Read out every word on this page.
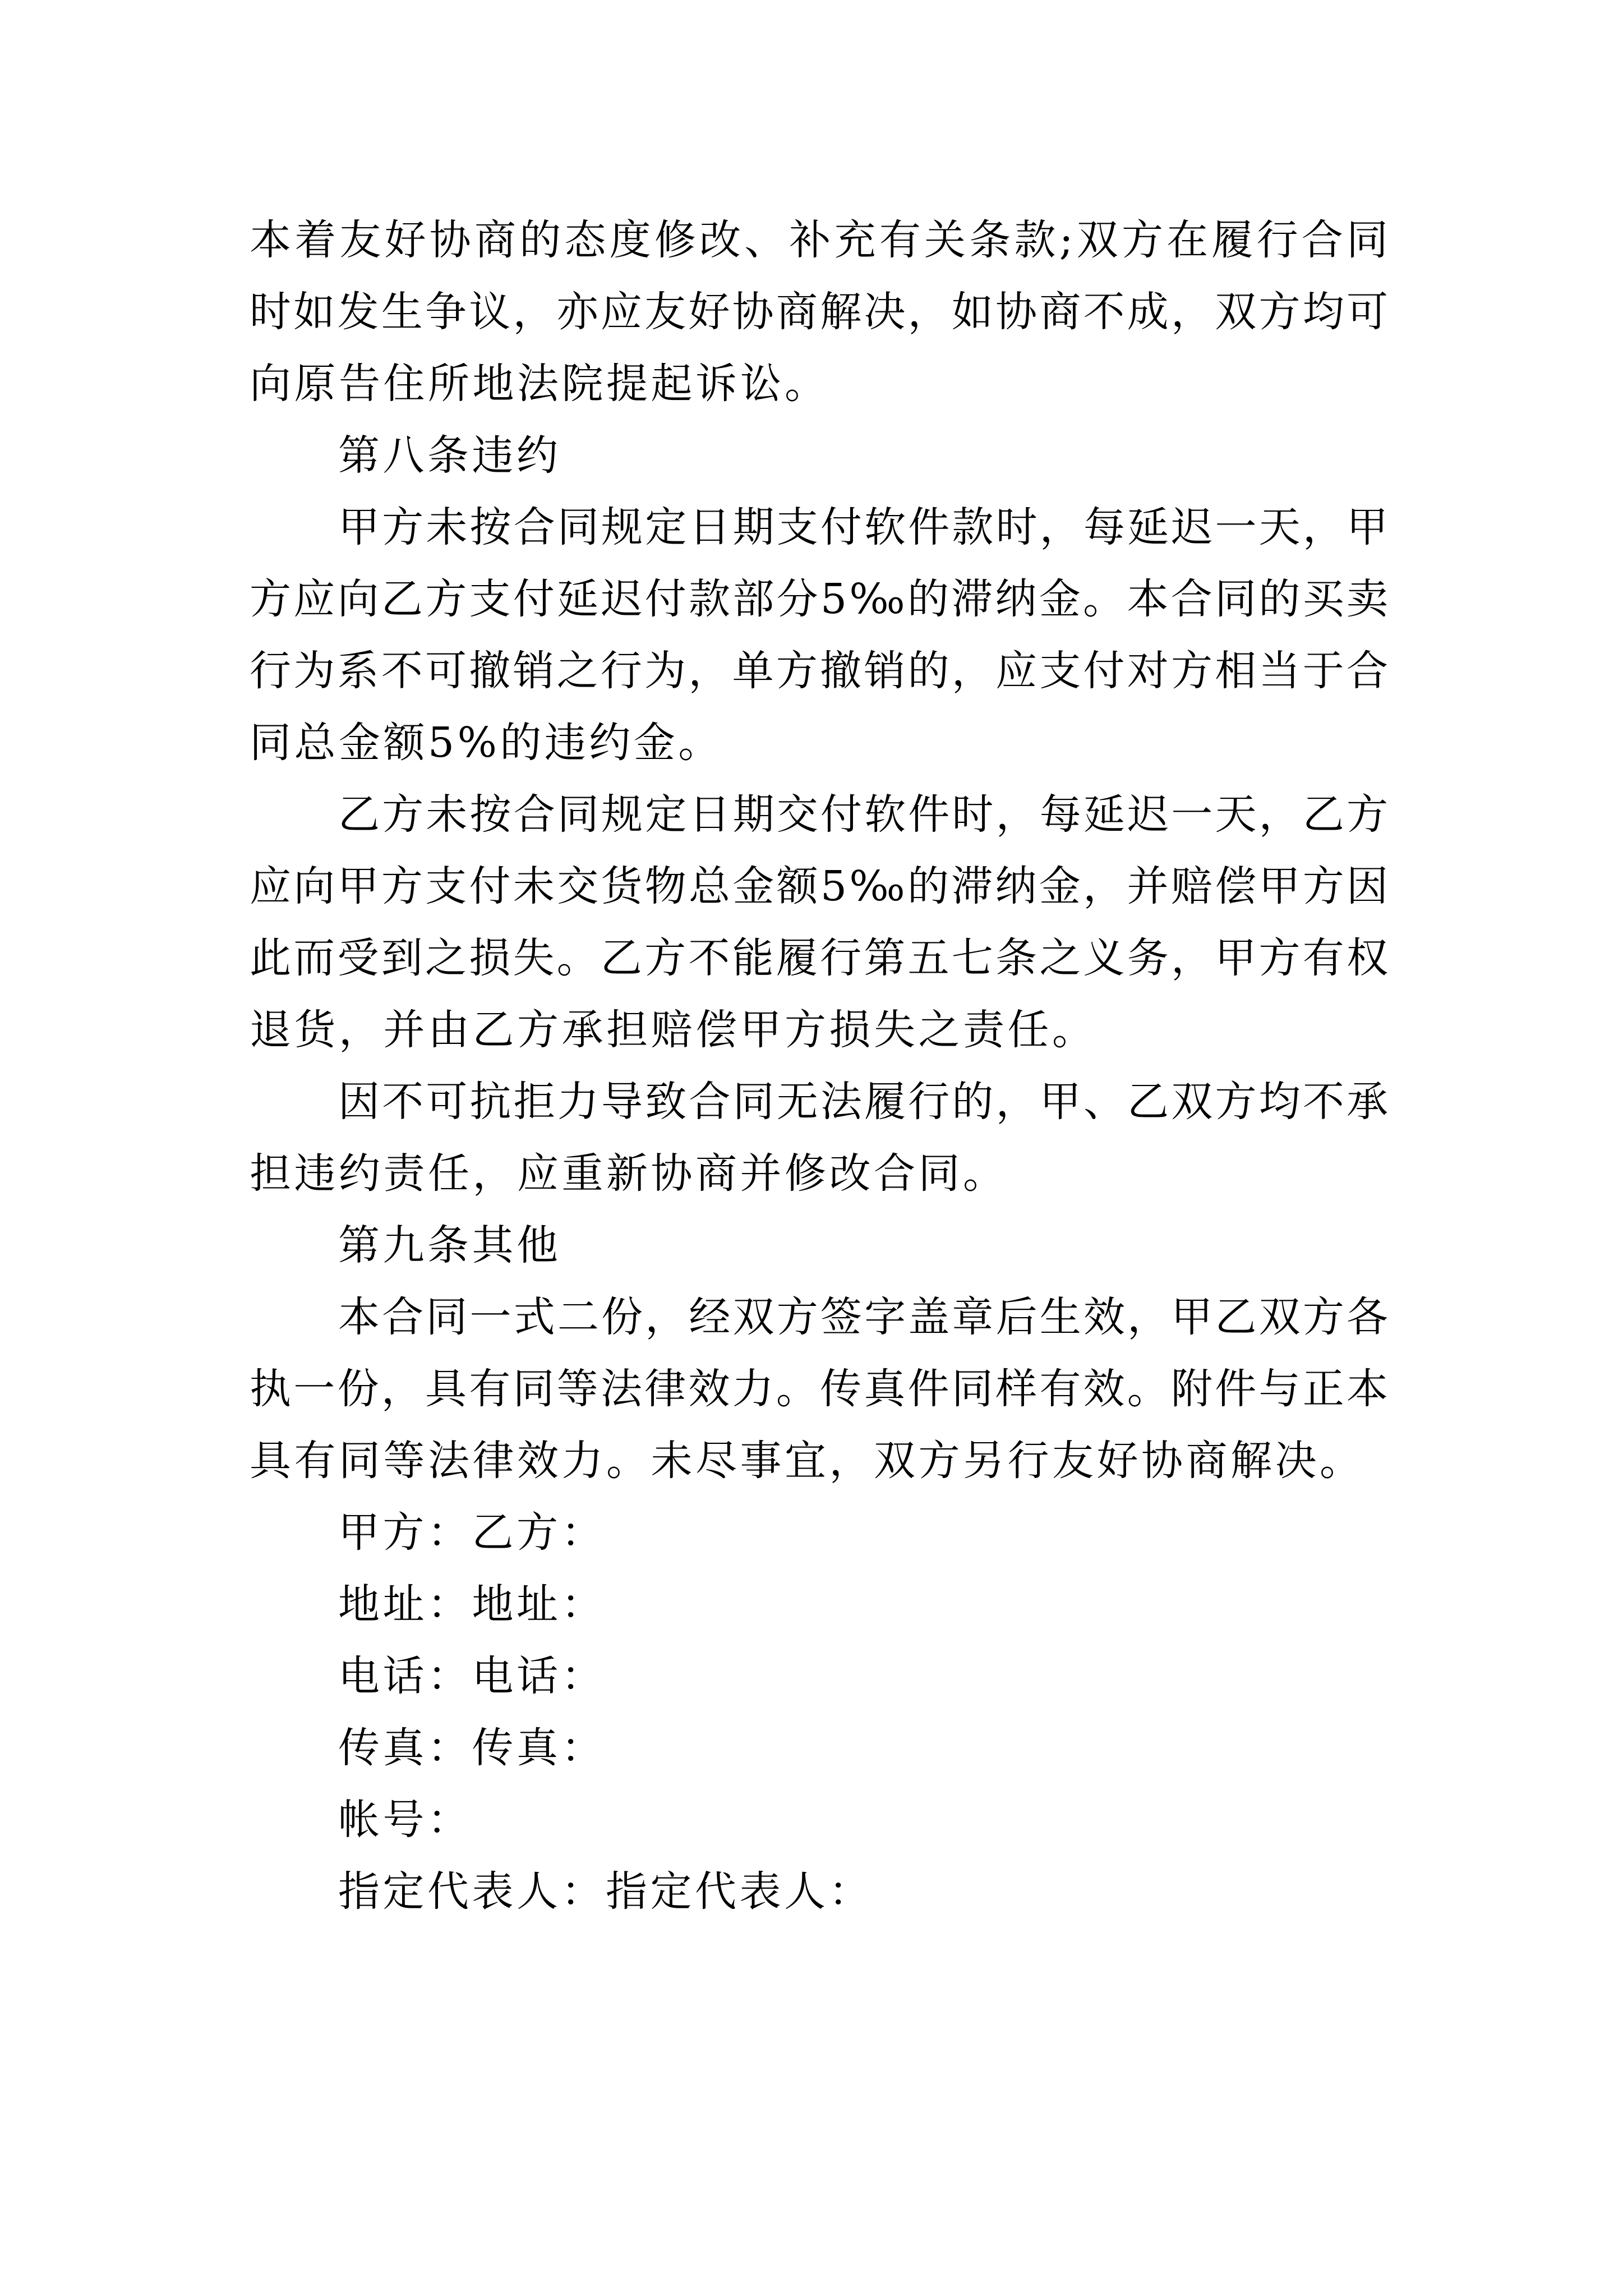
本着友好协商的态度修改、补充有关条款;双方在履行合同
时如发生争议，亦应友好协商解决，如协商不成，双方均可
向原告住所地法院提起诉讼。
第八条违约
甲方未按合同规定日期支付软件款时，每延迟一天，甲
方应向乙方支付延迟付款部分5‰的滞纳金。本合同的买卖
行为系不可撤销之行为，单方撤销的，应支付对方相当于合
同总金额5%的违约金。
乙方未按合同规定日期交付软件时，每延迟一天，乙方
应向甲方支付未交货物总金额5‰的滞纳金，并赔偿甲方因
此而受到之损失。乙方不能履行第五七条之义务，甲方有权
退货，并由乙方承担赔偿甲方损失之责任。
因不可抗拒力导致合同无法履行的，甲、乙双方均不承
担违约责任，应重新协商并修改合同。
第九条其他
本合同一式二份，经双方签字盖章后生效，甲乙双方各
执一份，具有同等法律效力。传真件同样有效。附件与正本
具有同等法律效力。未尽事宜，双方另行友好协商解决。
甲方：乙方：
地址：地址：
电话：电话：
传真：传真：
帐号：
指定代表人：指定代表人：
